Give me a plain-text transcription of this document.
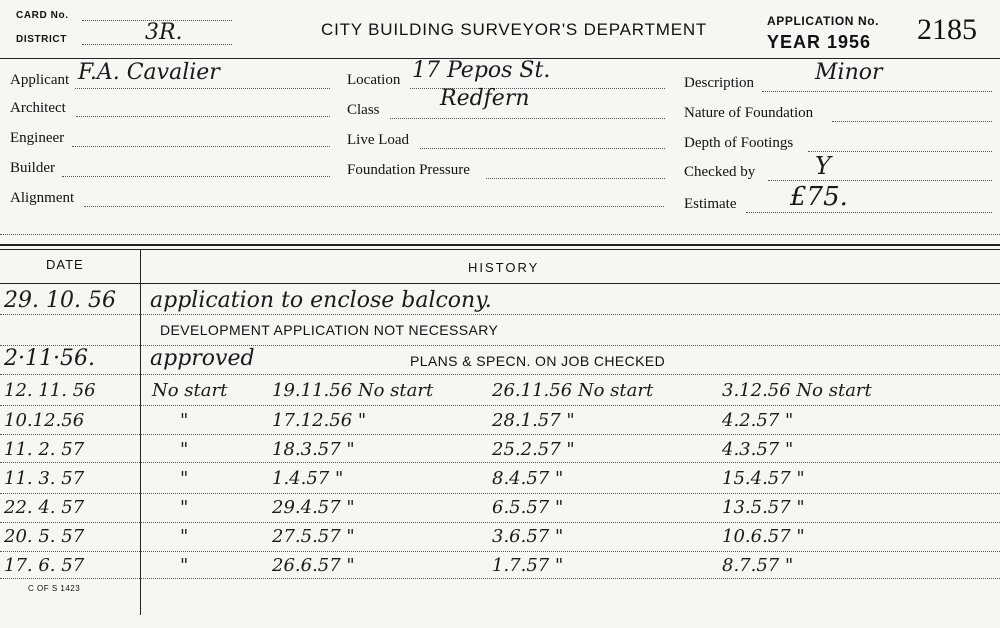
CARD No.
DISTRICT	3R.	CITY BUILDING SURVEYOR'S DEPARTMENT	APPLICATION No.
YEAR 1956 2185
Applicant F.A. Cavalier
Architect
Engineer
Builder
Alignment
Location 17 Pepos St.
Class	Redfern
Live Load
Foundation Pressure
Description	Minor
Nature of Foundation
Depth of Footings
Checked by Y
Estimate £75.
DATE	HISTORY
29. 10. 56 application to enclose balcony.
DEVELOPMENT APPLICATION NOT NECESSARY
2·11·56.	approved	PLANS & SPECN. ON JOB CHECKED
12. 11. 56	No start 19.11.56 No start	26.11.56 No start	3.12.56 No start
10.12.56	"	17.12.56 "	28.1.57 "	4.2.57 "
11. 2. 57	"	18.3.57 "	25.2.57 "	4.3.57 "
11. 3. 57	"	1.4.57 "	8.4.57 "	15.4.57 "
22. 4. 57	"	29.4.57 "	6.5.57 "	13.5.57 "
20. 5. 57	"	27.5.57 "	3.6.57 "	10.6.57 "
17. 6. 57	"	26.6.57 "	1.7.57 "	8.7.57 "
C OF S 1423
